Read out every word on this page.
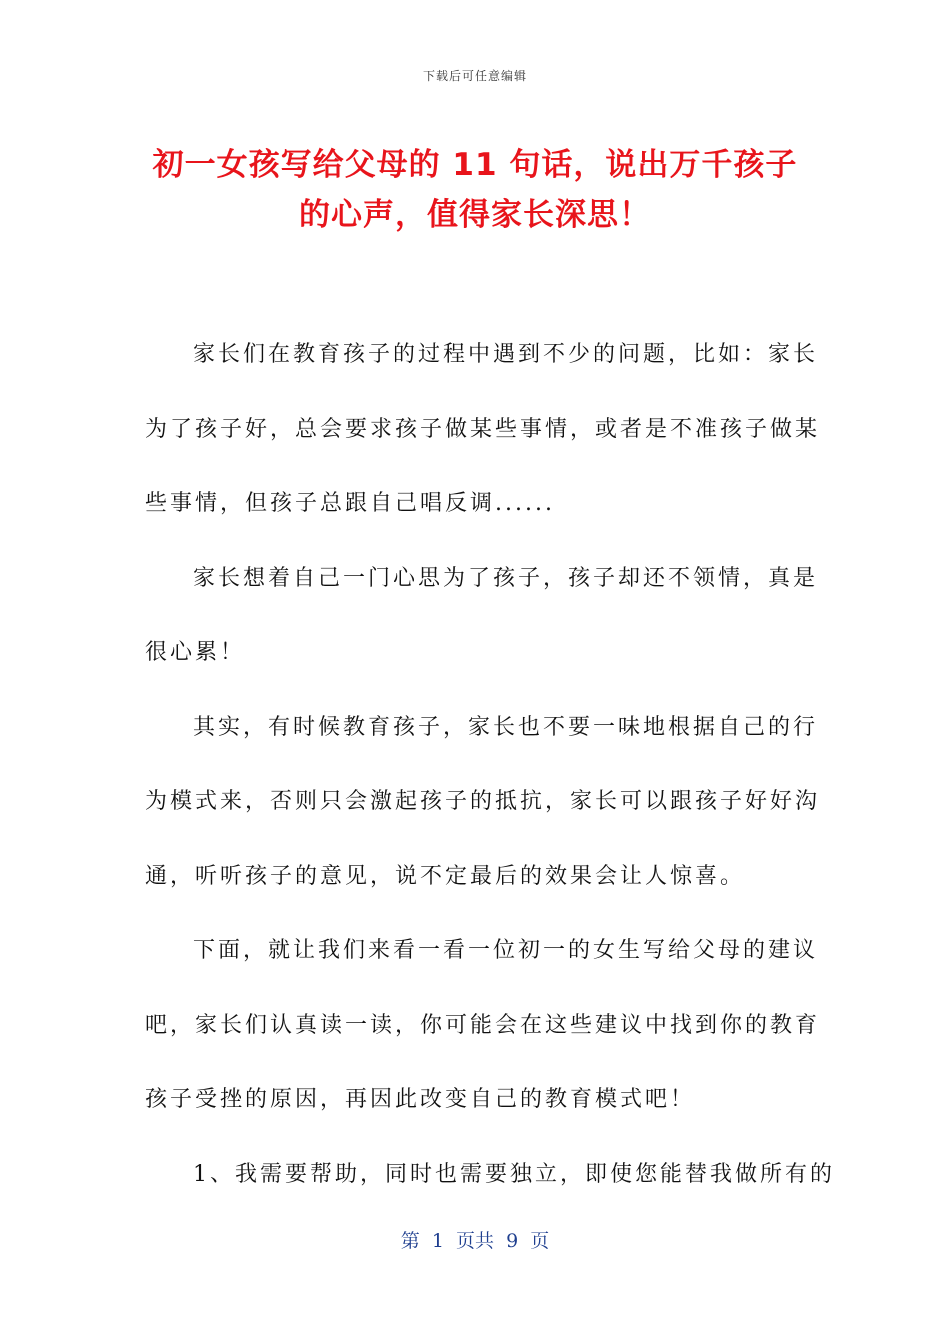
下载后可任意编辑
初一女孩写给父母的 11 句话，说出万千孩子
的心声，值得家长深思！
家长们在教育孩子的过程中遇到不少的问题，比如：家长
为了孩子好，总会要求孩子做某些事情，或者是不准孩子做某
些事情，但孩子总跟自己唱反调......
家长想着自己一门心思为了孩子，孩子却还不领情，真是
很心累！
其实，有时候教育孩子，家长也不要一味地根据自己的行
为模式来，否则只会激起孩子的抵抗，家长可以跟孩子好好沟
通，听听孩子的意见，说不定最后的效果会让人惊喜。
下面，就让我们来看一看一位初一的女生写给父母的建议
吧，家长们认真读一读，你可能会在这些建议中找到你的教育
孩子受挫的原因，再因此改变自己的教育模式吧！
1、我需要帮助，同时也需要独立，即使您能替我做所有的
第  1  页共  9  页
